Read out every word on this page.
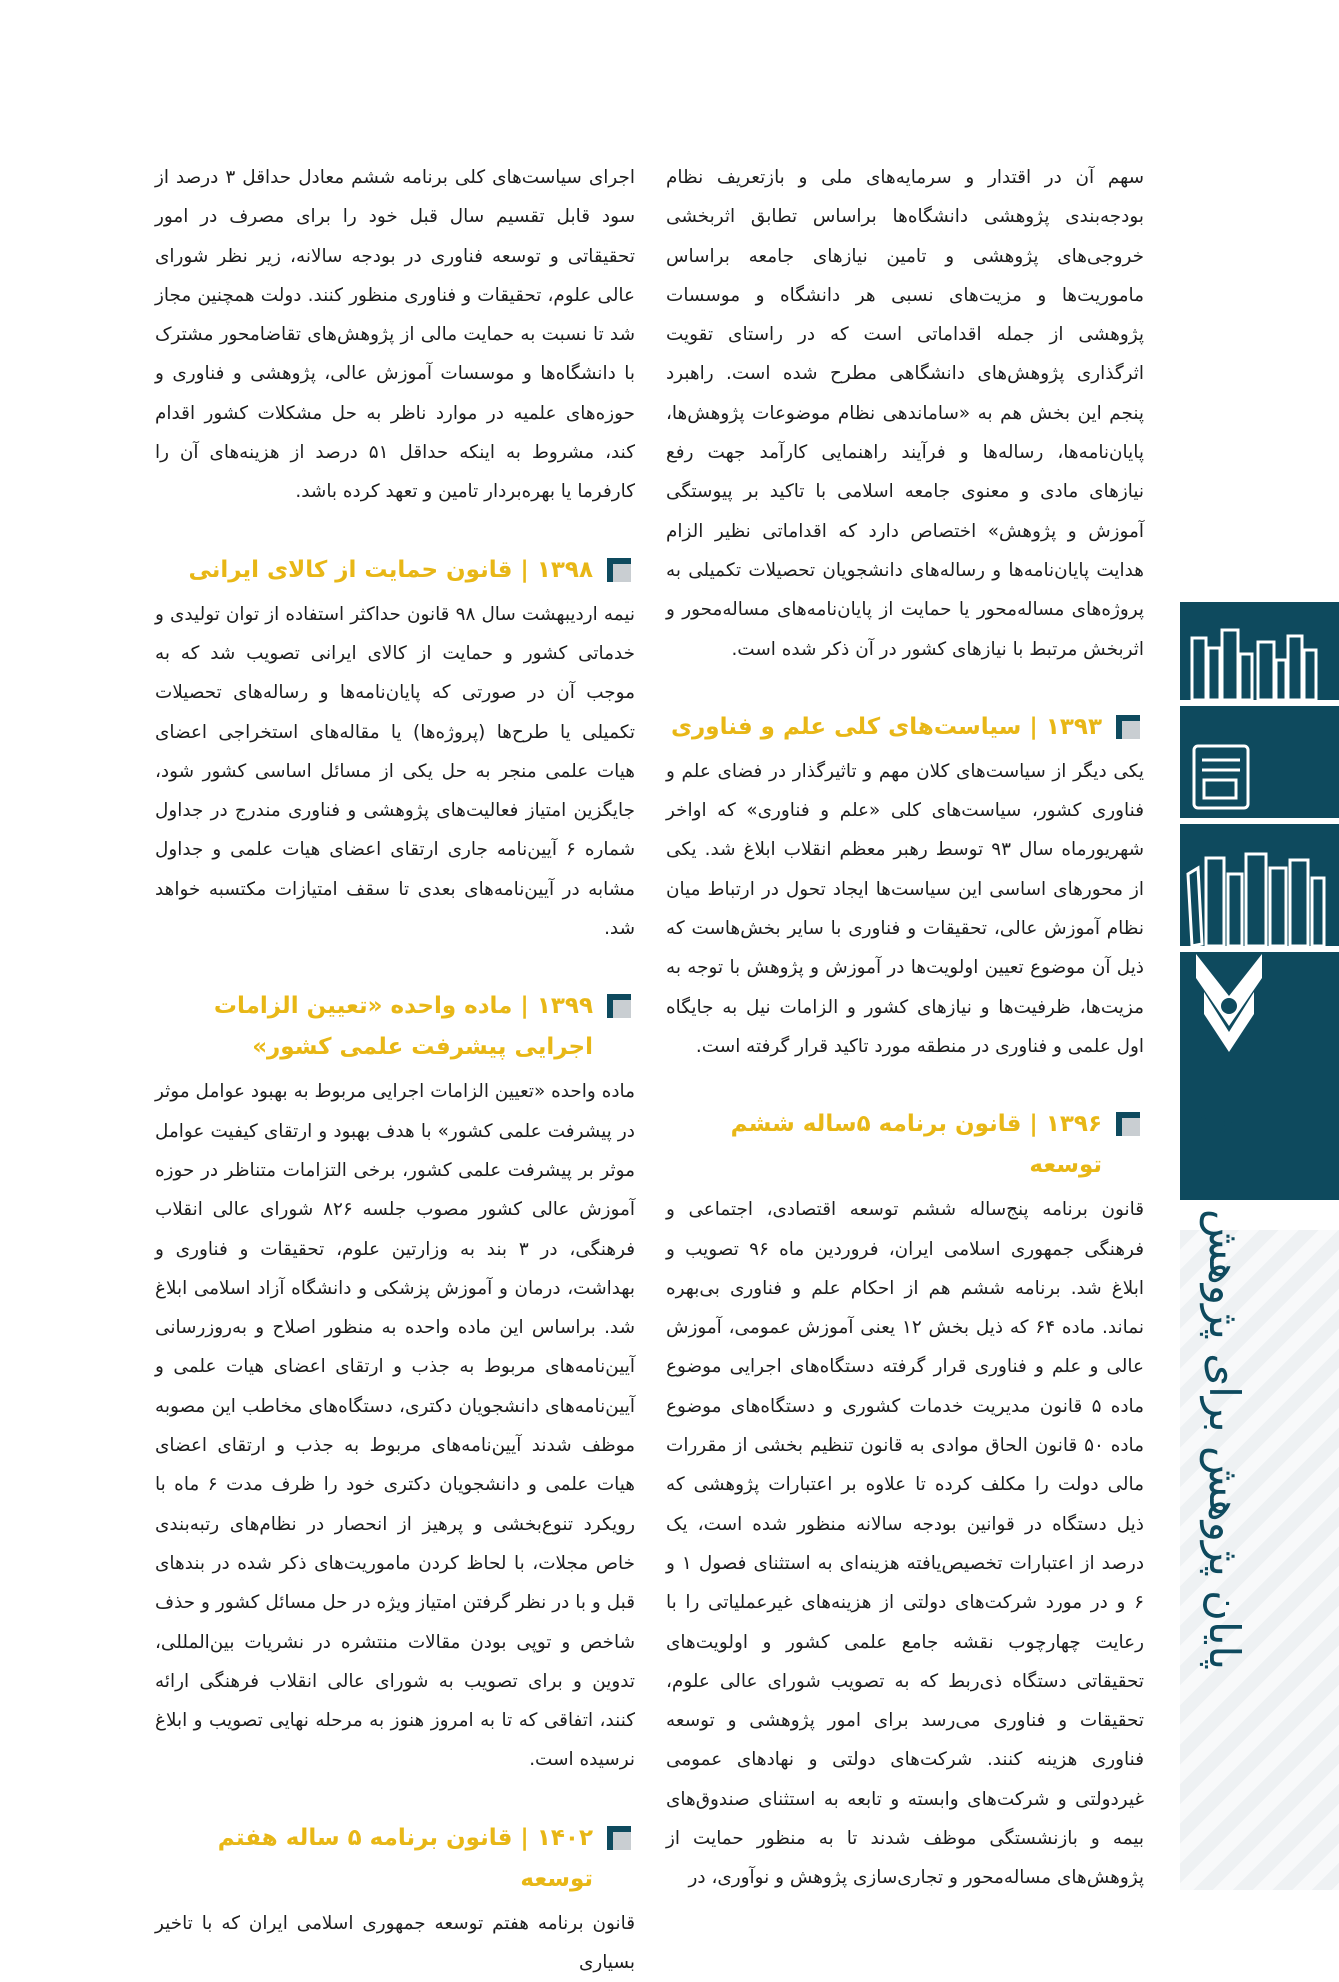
سهم آن در اقتدار و سرمایه‌های ملی و بازتعریف نظام بودجه‌بندی پژوهشی دانشگاه‌ها براساس تطابق اثربخشی خروجی‌های پژوهشی و تامین نیازهای جامعه براساس ماموریت‌ها و مزیت‌های نسبی هر دانشگاه و موسسات پژوهشی از جمله اقداماتی است که در راستای تقویت اثرگذاری پژوهش‌های دانشگاهی مطرح شده است. راهبرد پنجم این بخش هم به «ساماندهی نظام موضوعات پژوهش‌ها، پایان‌نامه‌ها، رساله‌ها و فرآیند راهنمایی کارآمد جهت رفع نیازهای مادی و معنوی جامعه اسلامی با تاکید بر پیوستگی آموزش و پژوهش» اختصاص دارد که اقداماتی نظیر الزام هدایت پایان‌نامه‌ها و رساله‌های دانشجویان تحصیلات تکمیلی به پروژه‌های مساله‌محور یا حمایت از پایان‌نامه‌های مساله‌محور و اثربخش مرتبط با نیازهای کشور در آن ذکر شده است.

۱۳۹۳ | سیاست‌های کلی علم و فناوری

یکی دیگر از سیاست‌های کلان مهم و تاثیرگذار در فضای علم و فناوری کشور، سیاست‌های کلی «علم و فناوری» که اواخر شهریورماه سال ۹۳ توسط رهبر معظم انقلاب ابلاغ شد. یکی از محورهای اساسی این سیاست‌ها ایجاد تحول در ارتباط میان نظام آموزش عالی، تحقیقات و فناوری با سایر بخش‌هاست که ذیل آن موضوع تعیین اولویت‌ها در آموزش و پژوهش با توجه به مزیت‌ها، ظرفیت‌ها و نیازهای کشور و الزامات نیل به جایگاه اول علمی و فناوری در منطقه مورد تاکید قرار گرفته است.

۱۳۹۶ | قانون برنامه ۵ساله ششم توسعه

قانون برنامه پنج‌ساله ششم توسعه اقتصادی، اجتماعی و فرهنگی جمهوری اسلامی ایران، فروردین ماه ۹۶ تصویب و ابلاغ شد. برنامه ششم هم از احکام علم و فناوری بی‌بهره نماند. ماده ۶۴ که ذیل بخش ۱۲ یعنی آموزش عمومی، آموزش عالی و علم و فناوری قرار گرفته دستگاه‌های اجرایی موضوع ماده ۵ قانون مدیریت خدمات کشوری و دستگاه‌های موضوع ماده ۵۰ قانون الحاق موادی به قانون تنظیم بخشی از مقررات مالی دولت را مکلف کرده تا علاوه بر اعتبارات پژوهشی که ذیل دستگاه در قوانین بودجه سالانه منظور شده است، یک درصد از اعتبارات تخصیص‌یافته هزینه‌ای به استثنای فصول ۱ و ۶ و در مورد شرکت‌های دولتی از هزینه‌های غیرعملیاتی را با رعایت چهارچوب نقشه جامع علمی کشور و اولویت‌های تحقیقاتی دستگاه ذی‌ربط که به تصویب شورای عالی علوم، تحقیقات و فناوری می‌رسد برای امور پژوهشی و توسعه فناوری هزینه کنند. شرکت‌های دولتی و نهادهای عمومی غیردولتی و شرکت‌های وابسته و تابعه به استثنای صندوق‌های بیمه و بازنشستگی موظف شدند تا به منظور حمایت از پژوهش‌های مساله‌محور و تجاری‌سازی پژوهش و نوآوری، در

اجرای سیاست‌های کلی برنامه ششم معادل حداقل ۳ درصد از سود قابل تقسیم سال قبل خود را برای مصرف در امور تحقیقاتی و توسعه فناوری در بودجه سالانه، زیر نظر شورای عالی علوم، تحقیقات و فناوری منظور کنند. دولت همچنین مجاز شد تا نسبت به حمایت مالی از پژوهش‌های تقاضامحور مشترک با دانشگاه‌ها و موسسات آموزش عالی، پژوهشی و فناوری و حوزه‌های علمیه در موارد ناظر به حل مشکلات کشور اقدام کند، مشروط به اینکه حداقل ۵۱ درصد از هزینه‌های آن را کارفرما یا بهره‌بردار تامین و تعهد کرده باشد.

۱۳۹۸ | قانون حمایت از کالای ایرانی

نیمه اردیبهشت سال ۹۸ قانون حداکثر استفاده از توان تولیدی و خدماتی کشور و حمایت از کالای ایرانی تصویب شد که به موجب آن در صورتی که پایان‌نامه‌ها و رساله‌های تحصیلات تکمیلی یا طرح‌ها (پروژه‌ها) یا مقاله‌های استخراجی اعضای هیات علمی منجر به حل یکی از مسائل اساسی کشور شود، جایگزین امتیاز فعالیت‌های پژوهشی و فناوری مندرج در جداول شماره ۶ آیین‌نامه جاری ارتقای اعضای هیات علمی و جداول مشابه در آیین‌نامه‌های بعدی تا سقف امتیازات مکتسبه خواهد شد.

۱۳۹۹ | ماده واحده «تعیین الزامات اجرایی پیشرفت علمی کشور»

ماده واحده «تعیین الزامات اجرایی مربوط به بهبود عوامل موثر در پیشرفت علمی کشور» با هدف بهبود و ارتقای کیفیت عوامل موثر بر پیشرفت علمی کشور، برخی التزامات متناظر در حوزه آموزش عالی کشور مصوب جلسه ۸۲۶ شورای عالی انقلاب فرهنگی، در ۳ بند به وزارتین علوم، تحقیقات و فناوری و بهداشت، درمان و آموزش پزشکی و دانشگاه آزاد اسلامی ابلاغ شد. براساس این ماده واحده به منظور اصلاح و به‌روزرسانی آیین‌نامه‌های مربوط به جذب و ارتقای اعضای هیات علمی و آیین‌نامه‌های دانشجویان دکتری، دستگاه‌های مخاطب این مصوبه موظف شدند آیین‌نامه‌های مربوط به جذب و ارتقای اعضای هیات علمی و دانشجویان دکتری خود را ظرف مدت ۶ ماه با رویکرد تنوع‌بخشی و پرهیز از انحصار در نظام‌های رتبه‌بندی خاص مجلات، با لحاظ کردن ماموریت‌های ذکر شده در بندهای قبل و با در نظر گرفتن امتیاز ویژه در حل مسائل کشور و حذف شاخص و توپی بودن مقالات منتشره در نشریات بین‌المللی، تدوین و برای تصویب به شورای عالی انقلاب فرهنگی ارائه کنند، اتفاقی که تا به امروز هنوز به مرحله نهایی تصویب و ابلاغ نرسیده است.

۱۴۰۲ | قانون برنامه ۵ ساله هفتم توسعه

قانون برنامه هفتم توسعه جمهوری اسلامی ایران که با تاخیر بسیاری

۱۶
پایان پژوهش برای پژوهش
